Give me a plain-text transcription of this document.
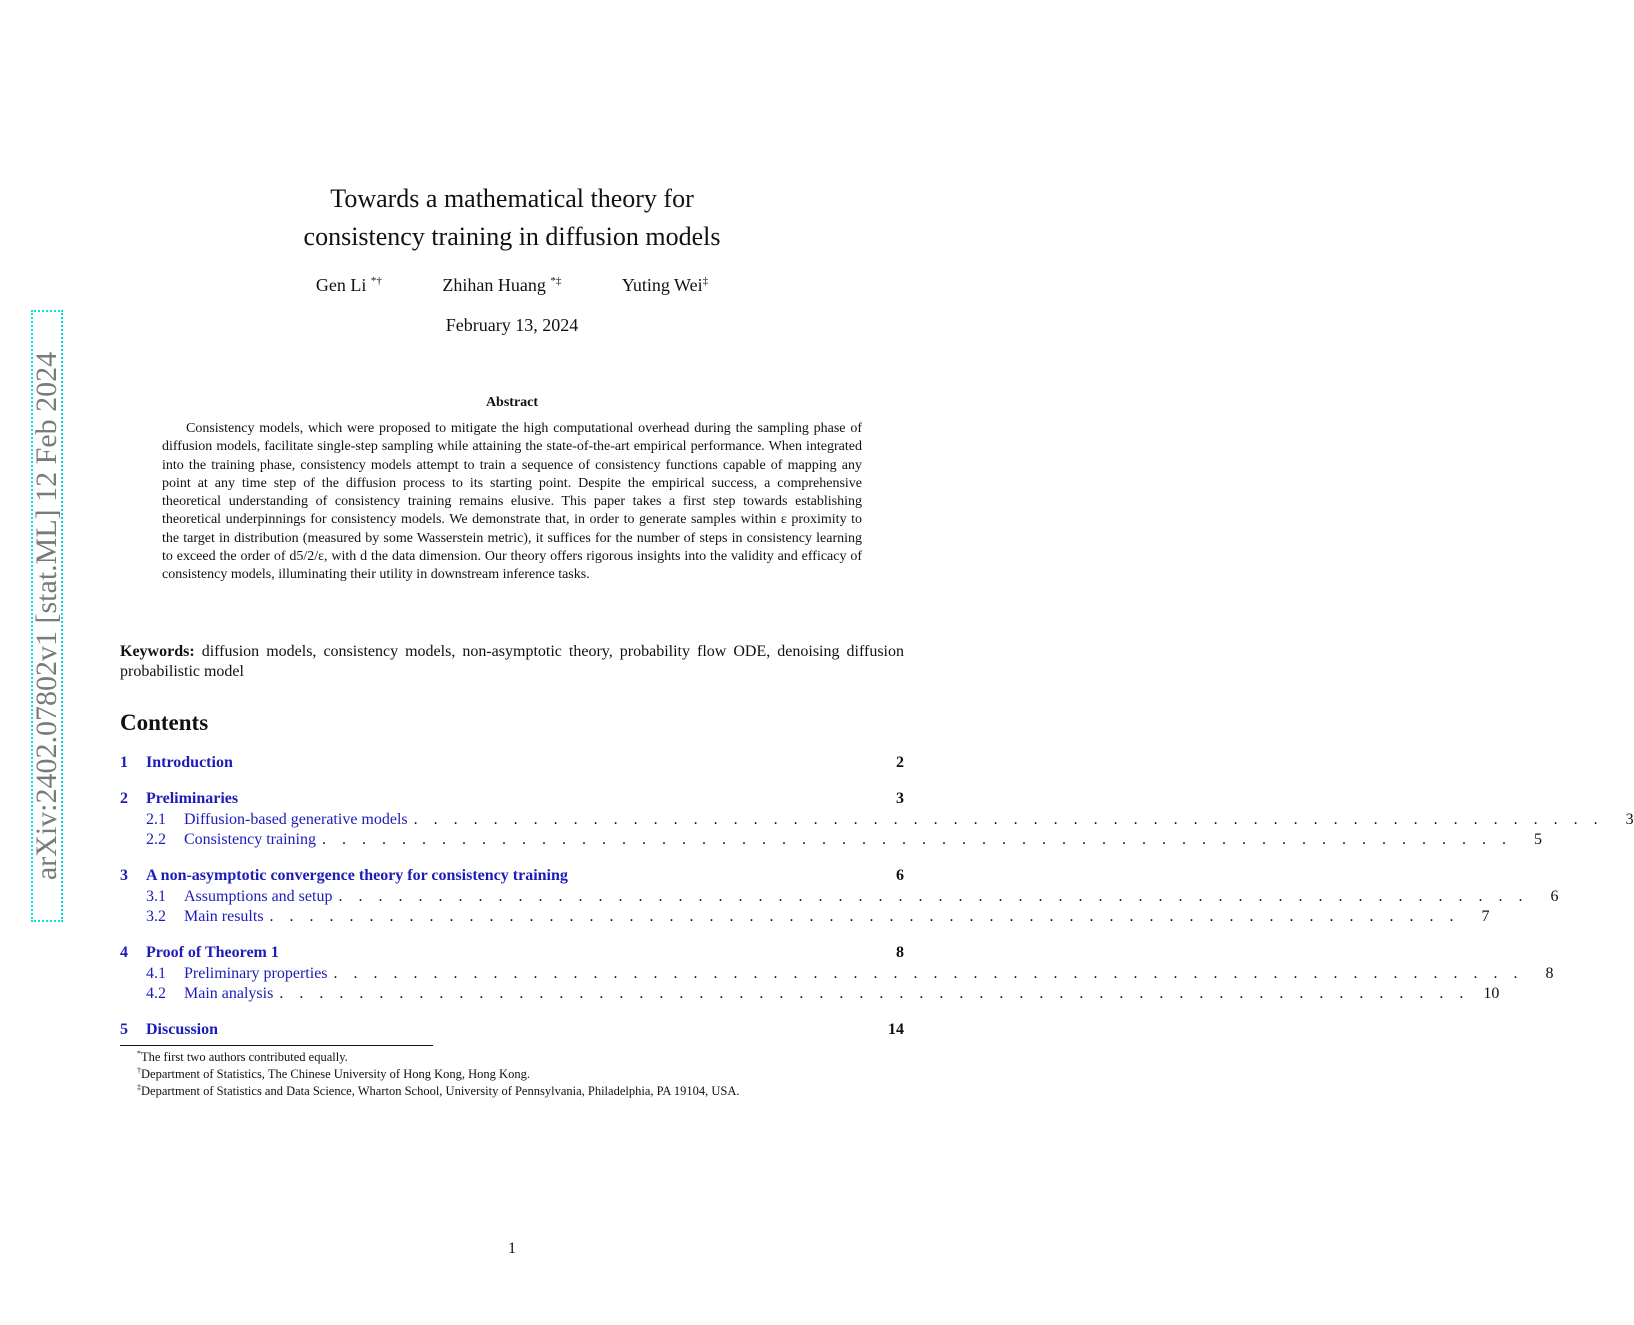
arXiv:2402.07802v1 [stat.ML] 12 Feb 2024
Towards a mathematical theory for
consistency training in diffusion models
Gen Li *†	Zhihan Huang *‡	Yuting Wei‡
February 13, 2024
Abstract
Consistency models, which were proposed to mitigate the high computational overhead during the sampling phase of diffusion models, facilitate single-step sampling while attaining the state-of-the-art empirical performance. When integrated into the training phase, consistency models attempt to train a sequence of consistency functions capable of mapping any point at any time step of the diffusion process to its starting point. Despite the empirical success, a comprehensive theoretical understanding of consistency training remains elusive. This paper takes a first step towards establishing theoretical underpinnings for consistency models. We demonstrate that, in order to generate samples within ε proximity to the target in distribution (measured by some Wasserstein metric), it suffices for the number of steps in consistency learning to exceed the order of d5/2/ε, with d the data dimension. Our theory offers rigorous insights into the validity and efficacy of consistency models, illuminating their utility in downstream inference tasks.
Keywords: diffusion models, consistency models, non-asymptotic theory, probability flow ODE, denoising diffusion probabilistic model
Contents
1 Introduction	2
2 Preliminaries	3
2.1	Diffusion-based generative models . . . . . . . . . . . . . . . . . . . . . . . . . . . . . . . . . . . . . . . . . . . . . . . . . . . . . . . . . . . .	3
2.2	Consistency training . . . . . . . . . . . . . . . . . . . . . . . . . . . . . . . . . . . . . . . . . . . . . . . . . . . . . . . . . . . .	5
3 A non-asymptotic convergence theory for consistency training	6
3.1	Assumptions and setup . . . . . . . . . . . . . . . . . . . . . . . . . . . . . . . . . . . . . . . . . . . . . . . . . . . . . . . . . . . .	6
3.2	Main results . . . . . . . . . . . . . . . . . . . . . . . . . . . . . . . . . . . . . . . . . . . . . . . . . . . . . . . . . . . .	7
4 Proof of Theorem 1	8
4.1	Preliminary properties . . . . . . . . . . . . . . . . . . . . . . . . . . . . . . . . . . . . . . . . . . . . . . . . . . . . . . . . . . . .	8
4.2	Main analysis . . . . . . . . . . . . . . . . . . . . . . . . . . . . . . . . . . . . . . . . . . . . . . . . . . . . . . . . . . . . 10
5 Discussion	14
*The first two authors contributed equally.
†Department of Statistics, The Chinese University of Hong Kong, Hong Kong.
‡Department of Statistics and Data Science, Wharton School, University of Pennsylvania, Philadelphia, PA 19104, USA.
1
